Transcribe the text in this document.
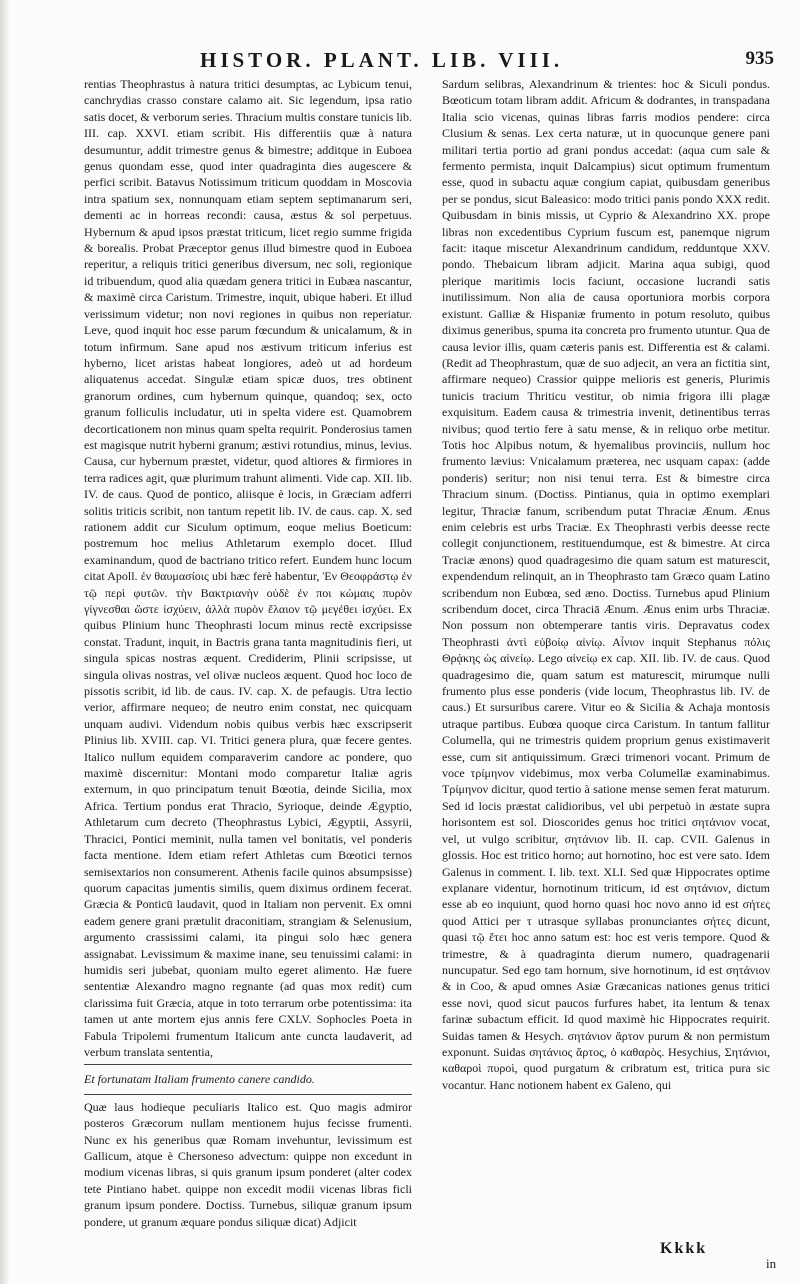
HISTOR. PLANT. LIB. VIII.	935

rentias Theophrastus à natura tritici desumptas, ac Lybicum tenui, canchrydias crasso constare calamo ait. Sic legendum, ipsa ratio satis docet, & verborum series. Thracium multis constare tunicis lib. III. cap. XXVI. etiam scribit. His differentiis quæ à natura desumuntur, addit trimestre genus & bimestre; additque in Euboea genus quondam esse, quod inter quadraginta dies augescere & perfici scribit. Batavus Notissimum triticum quoddam in Moscovia intra spatium sex, nonnunquam etiam septem septimanarum seri, dementi ac in horreas recondi: causa, æstus & sol perpetuus. Hybernum & apud ipsos præstat triticum, licet regio summe frigida & borealis. Probat Præceptor genus illud bimestre quod in Euboea reperitur, a reliquis tritici generibus diversum, nec soli, regionique id tribuendum, quod alia quædam genera tritici in Eubæa nascantur, & maximè circa Caristum. Trimestre, inquit, ubique haberi. Et illud verissimum videtur; non novi regiones in quibus non reperiatur. Leve, quod inquit hoc esse parum fœcundum & unicalamum, & in totum infirmum. Sane apud nos æstivum triticum inferius est hyberno, licet aristas habeat longiores, adeò ut ad hordeum aliquatenus accedat. Singulæ etiam spicæ duos, tres obtinent granorum ordines, cum hybernum quinque, quandoq; sex, octo granum folliculis includatur, uti in spelta videre est. Quamobrem decorticationem non minus quam spelta requirit. Ponderosius tamen est magisque nutrit hyberni granum; æstivi rotundius, minus, levius. Causa, cur hybernum præstet, videtur, quod altiores & firmiores in terra radices agit, quæ plurimum trahunt alimenti. Vide cap. XII. lib. IV. de caus. Quod de pontico, aliisque è locis, in Græciam adferri solitis triticis scribit, non tantum repetit lib. IV. de caus. cap. X. sed rationem addit cur Siculum optimum, eoque melius Boeticum: postremum hoc melius Athletarum exemplo docet. Illud examinandum, quod de bactriano tritico refert. Eundem hunc locum citat Apoll. ἐν θαυμασίοις ubi hæc ferè habentur, Ἐν Θεοφράστῳ ἐν τῷ περὶ φυτῶν. τὴν Βακτριανὴν οὐδὲ ἐν ποι κώμαις πυρὸν γίγνεσθαι ὥστε ἰσχύειν, ἀλλὰ πυρὸν ἔλαιον τῷ μεγέθει ἰσχύει. Ex quibus Plinium hunc Theophrasti locum minus rectè excripsisse constat. Tradunt, inquit, in Bactris grana tanta magnitudinis fieri, ut singula spicas nostras æquent. Crediderim, Plinii scripsisse, ut singula olivas nostras, vel olivæ nucleos æquent. Quod hoc loco de pissotis scribit, id lib. de caus. IV. cap. X. de pefaugis. Utra lectio verior, affirmare nequeo; de neutro enim constat, nec quicquam unquam audivi. Videndum nobis quibus verbis hæc exscripserit Plinius lib. XVIII. cap. VI. Tritici genera plura, quæ fecere gentes. Italico nullum equidem comparaverim candore ac pondere, quo maximè discernitur: Montani modo comparetur Italiæ agris externum, in quo principatum tenuit Bœotia, deinde Sicilia, mox Africa. Tertium pondus erat Thracio, Syrioque, deinde Ægyptio, Athletarum cum decreto (Theophrastus Lybici, Ægyptii, Assyrii, Thracici, Pontici meminit, nulla tamen vel bonitatis, vel ponderis facta mentione. Idem etiam refert Athletas cum Bœotici ternos semisextarios non consumerent. Athenis facile quinos absumpsisse) quorum capacitas jumentis similis, quem diximus ordinem fecerat. Græcia & Ponticū laudavit, quod in Italiam non pervenit. Ex omni eadem genere grani prætulit draconitiam, strangiam & Selenusium, argumento crassissimi calami, ita pingui solo hæc genera assignabat. Levissimum & maxime inane, seu tenuissimi calami: in humidis seri jubebat, quoniam multo egeret alimento. Hæ fuere sententiæ Alexandro magno regnante (ad quas mox redit) cum clarissima fuit Græcia, atque in toto terrarum orbe potentissima: ita tamen ut ante mortem ejus annis fere CXLV. Sophocles Poeta in Fabula Tripolemi frumentum Italicum ante cuncta laudaverit, ad verbum translata sententia,

Et fortunatam Italiam frumento canere candido.

Quæ laus hodieque peculiaris Italico est. Quo magis admiror posteros Græcorum nullam mentionem hujus fecisse frumenti. Nunc ex his generibus quæ Romam invehuntur, levissimum est Gallicum, atque è Chersoneso advectum: quippe non excedunt in modium vicenas libras, si quis granum ipsum ponderet (alter codex tete Pintiano habet. quippe non excedit modii vicenas libras ficli granum ipsum pondere. Doctiss. Turnebus, siliquæ granum ipsum pondere, ut granum æquare pondus siliquæ dicat) Adjicit

Sardum selibras, Alexandrinum & trientes: hoc & Siculi pondus. Bœoticum totam libram addit. Africum & dodrantes, in transpadana Italia scio vicenas, quinas libras farris modios pendere: circa Clusium & senas. Lex certa naturæ, ut in quocunque genere pani militari tertia portio ad grani pondus accedat: (aqua cum sale & fermento permista, inquit Dalcampius) sicut optimum frumentum esse, quod in subactu aquæ congium capiat, quibusdam generibus per se pondus, sicut Baleasico: modo tritici panis pondo XXX redit. Quibusdam in binis missis, ut Cyprio & Alexandrino XX. prope libras non excedentibus Cyprium fuscum est, panemque nigrum facit: itaque miscetur Alexandrinum candidum, redduntque XXV. pondo. Thebaicum libram adjicit. Marina aqua subigi, quod plerique maritimis locis faciunt, occasione lucrandi satis inutilissimum. Non alia de causa oportuniora morbis corpora existunt. Galliæ & Hispaniæ frumento in potum resoluto, quibus diximus generibus, spuma ita concreta pro frumento utuntur. Qua de causa levior illis, quam cæteris panis est. Differentia est & calami. (Redit ad Theophrastum, quæ de suo adjecit, an vera an fictitia sint, affirmare nequeo) Crassior quippe melioris est generis, Plurimis tunicis tracium Thriticu vestitur, ob nimia frigora illi plagæ exquisitum. Eadem causa & trimestria invenit, detinentibus terras nivibus; quod tertio fere à satu mense, & in reliquo orbe metitur. Totis hoc Alpibus notum, & hyemalibus provinciis, nullum hoc frumento lævius: Vnicalamum præterea, nec usquam capax: (addе ponderis) seritur; non nisi tenui terra. Est & bimestre circa Thracium sinum. (Doctiss. Pintianus, quia in optimo exemplari legitur, Thraciæ fanum, scribendum putat Thraciæ Ænum. Ænus enim celebris est urbs Traciæ. Ex Theophrasti verbis deesse recte collegit conjunctionem, restituendumque, est & bimestre. At circa Traciæ ænons) quod quadragesimo die quam satum est maturescit, expendendum relinquit, an in Theophrasto tam Græco quam Latino scribendum non Eubœa, sed æno. Doctiss. Turnebus apud Plinium scribendum docet, circa Thraciā Ænum. Ænus enim urbs Thraciæ. Non possum non obtemperare tantis viris. Depravatus codex Theophrasti ἀντὶ εὐβοίῳ αἰνίῳ. Αἶνιον inquit Stephanus πόλις Θρᾴκης ὡς αἰνείῳ. Lego αἰνείῳ ex cap. XII. lib. IV. de caus. Quod quadragesimo die, quam satum est maturescit, mirumque nulli frumento plus esse ponderis (vide locum, Theophrastus lib. IV. de caus.) Et sursuribus carere. Vitur eo & Sicilia & Achaja montosis utraque partibus. Eubœa quoque circa Caristum. In tantum fallitur Columella, qui ne trimestris quidem proprium genus existimaverit esse, cum sit antiquissimum. Græci trimenori vocant. Primum de voce τρίμηνον videbimus, mox verba Columellæ examinabimus. Τρίμηνον dicitur, quod tertio à satione mense semen ferat maturum. Sed id locis præstat calidioribus, vel ubi perpetuò in æstate supra horisontem est sol. Dioscorides genus hoc tritici σητάνιον vocat, vel, ut vulgo scribitur, σητάνιον lib. II. cap. CVII. Galenus in glossis. Hoc est tritico horno; aut hornotino, hoc est vere sato. Idem Galenus in comment. I. lib. text. XLI. Sed quæ Hippocrates optime explanare videntur, hornotinum triticum, id est σητάνιον, dictum esse ab eo inquiunt, quod horno quasi hoc novo anno id est σήτες quod Attici per τ utrasque syllabas pronunciantes σήτες dicunt, quasi τῷ ἔτει hoc anno satum est: hoc est veris tempore. Quod & trimestre, & à quadraginta dierum numero, quadragenarii nuncupatur. Sed ego tam hornum, sive hornotinum, id est σητάνιον & in Coo, & apud omnes Asiæ Græcanicas nationes genus tritici esse novi, quod sicut paucos furfures habet, ita lentum & tenax farinæ subactum efficit. Id quod maximè hic Hippocrates requirit. Suidas tamen & Hesych. σητάνιον ἄρτον purum & non permistum exponunt. Suidas σητάνιος ἄρτος, ὁ καθαρὸς. Hesychius, Σητάνιοι, καθαροὶ πυροὶ, quod purgatum & cribratum est, tritica pura sic vocantur. Hanc notionem habent ex Galeno, qui

Kkkk
in
